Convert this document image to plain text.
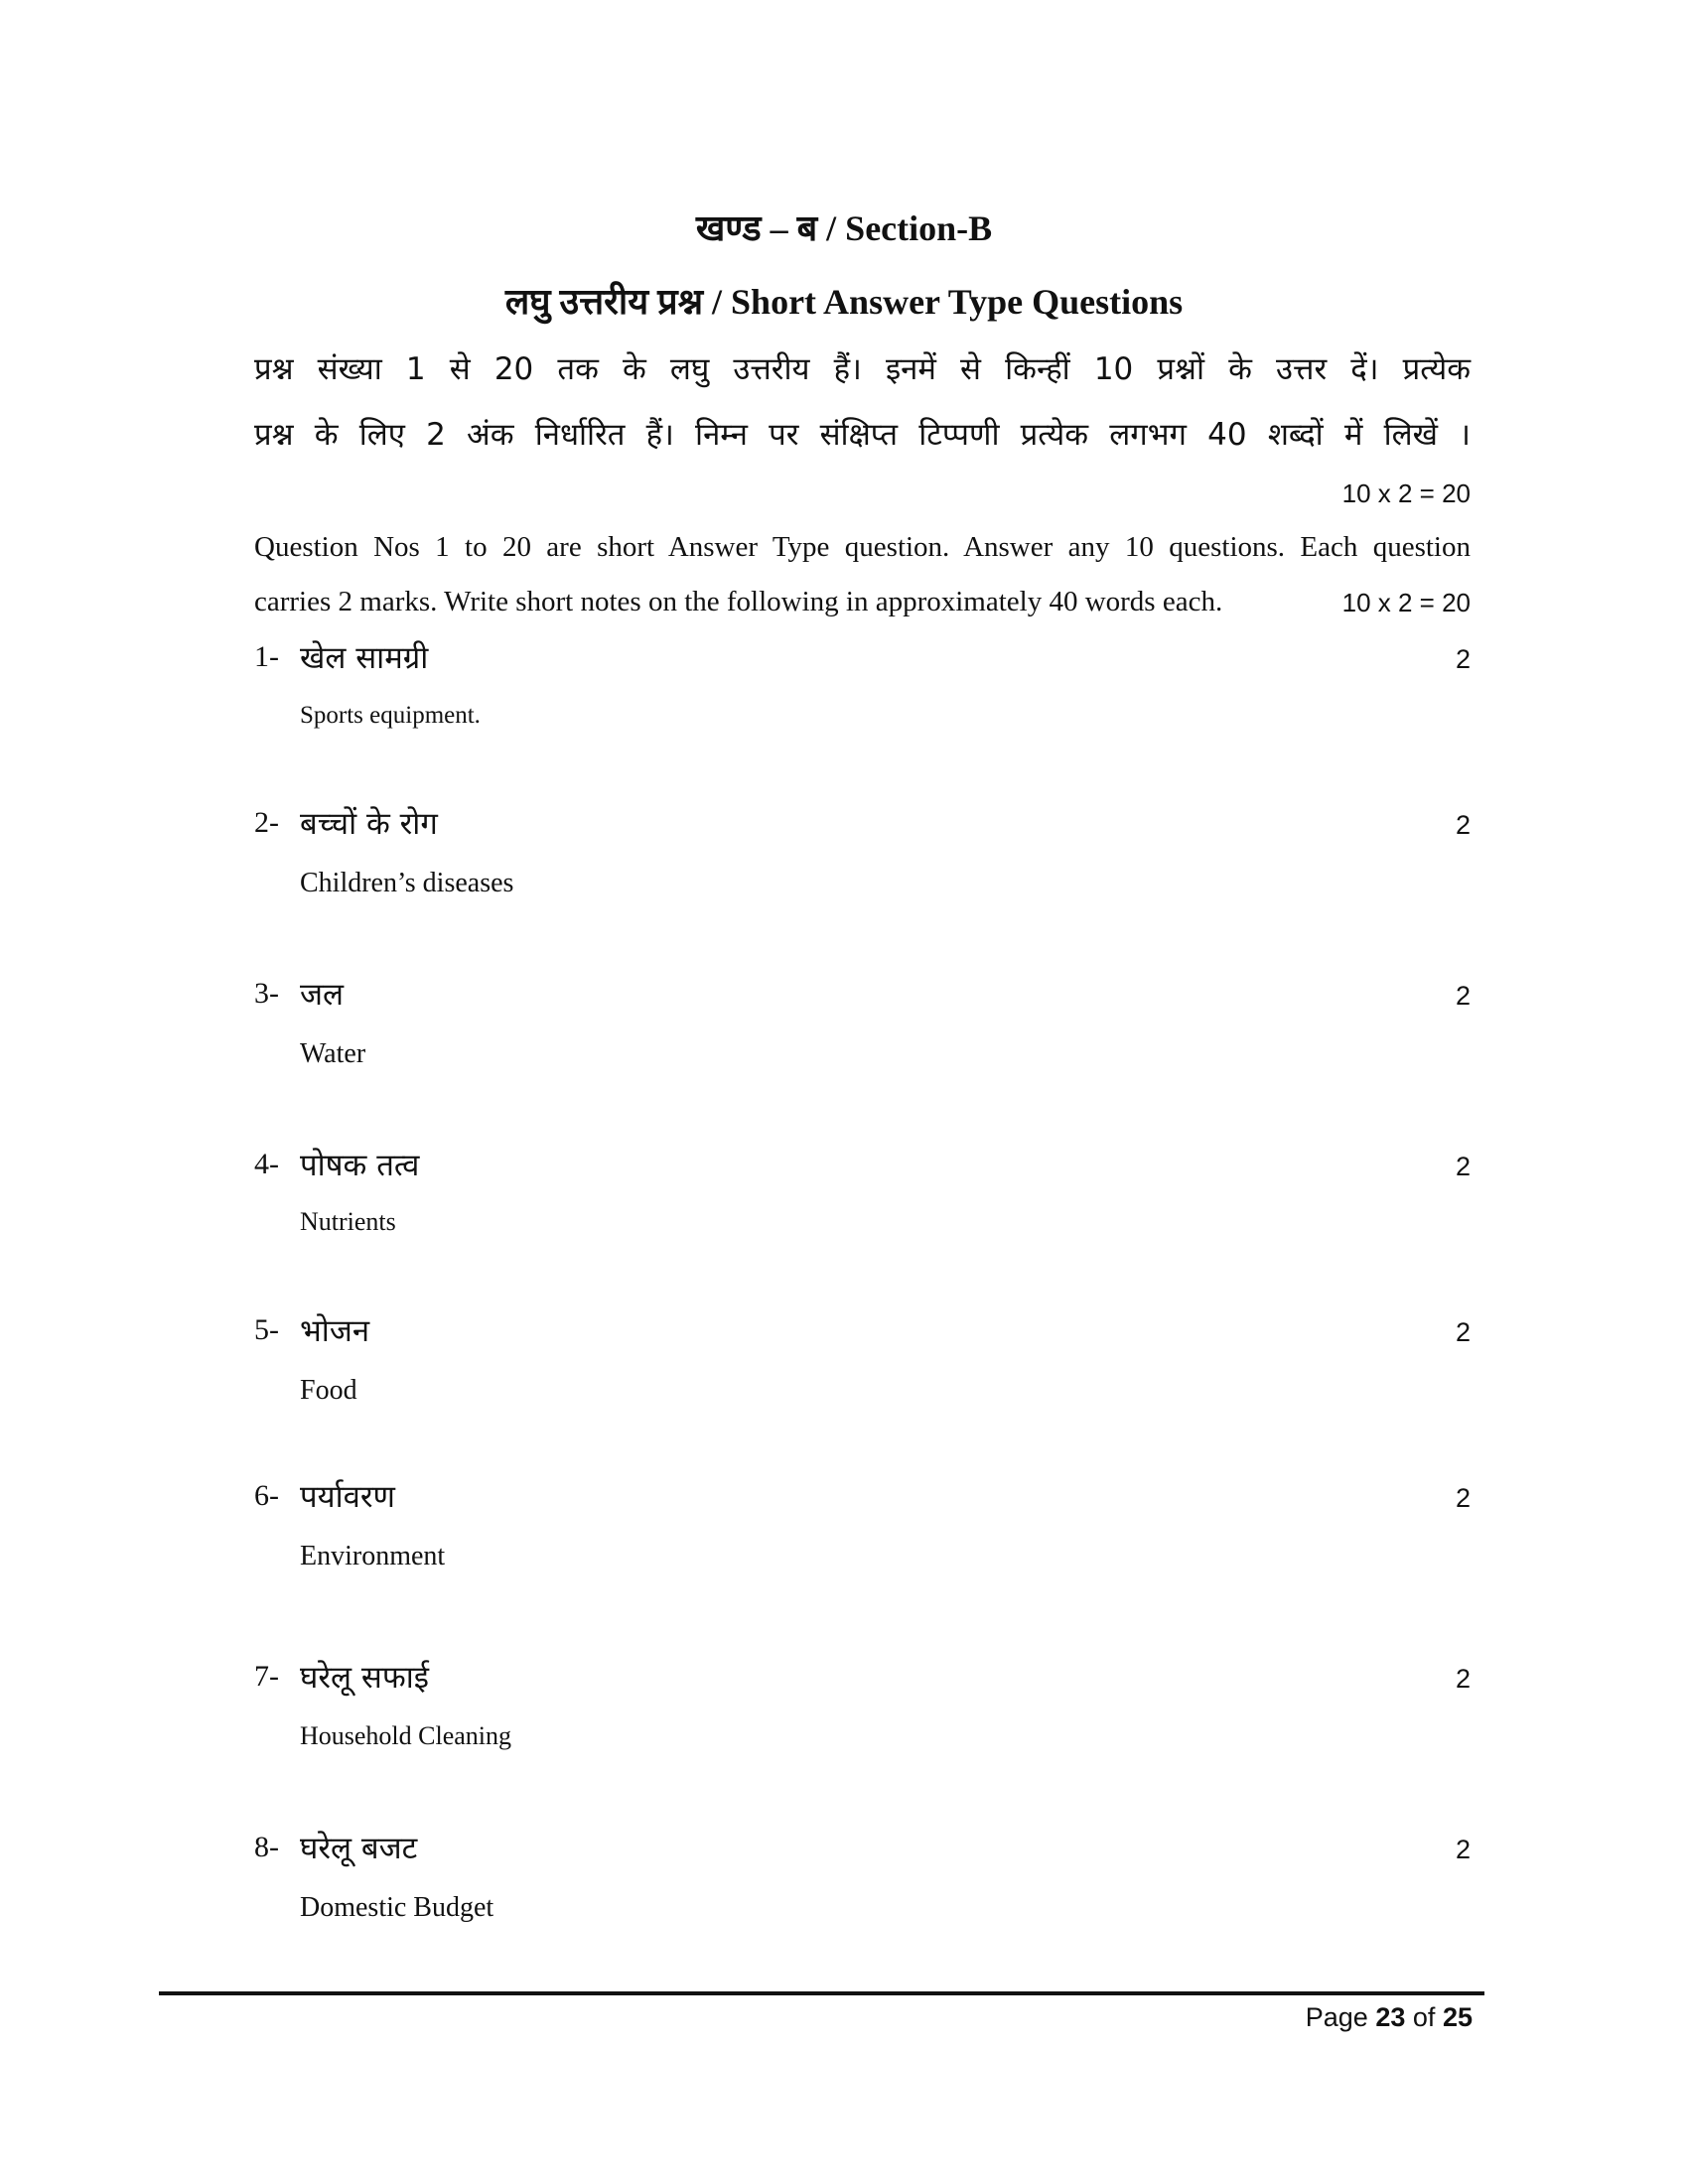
खण्ड – ब / Section-B
लघु उत्तरीय प्रश्न / Short Answer Type Questions
प्रश्न संख्या 1 से 20 तक के लघु उत्तरीय हैं। इनमें से किन्हीं 10 प्रश्नों के उत्तर दें। प्रत्येक
प्रश्न के लिए 2 अंक निर्धारित हैं। निम्न पर संक्षिप्त टिप्पणी प्रत्येक लगभग 40 शब्दों में लिखें ।
10 x 2 = 20
Question Nos 1 to 20 are short Answer Type question. Answer any 10 questions. Each question
carries 2 marks. Write short notes on the following in approximately 40 words each.	10 x 2 = 20
1- खेल सामग्री	2
Sports equipment.
2- बच्चों के रोग	2
Children’s diseases
3- जल	2
Water
4- पोषक तत्व	2
Nutrients
5- भोजन	2
Food
6- पर्यावरण	2
Environment
7- घरेलू सफाई	2
Household Cleaning
8- घरेलू बजट	2
Domestic Budget
Page 23 of 25
